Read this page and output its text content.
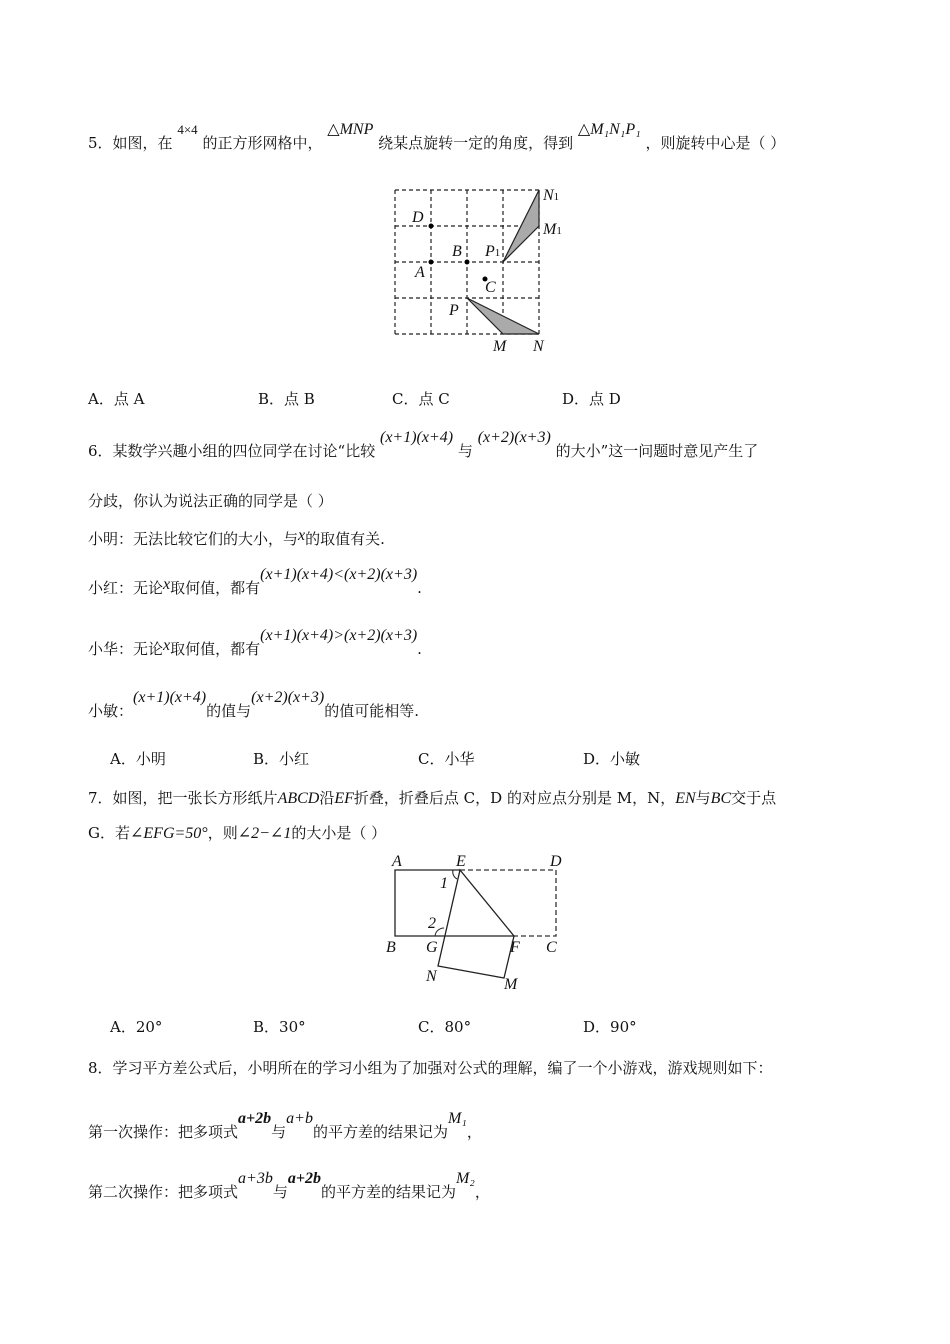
5．如图，在 4×4 的正方形网格中， △MNP 绕某点旋转一定的角度，得到 △M₁N₁P₁ ，则旋转中心是（ ）
N1
M1
P1
D
B
A
C
P
M N
A．点 A	B．点 B	C．点 C	D．点 D
6．某数学兴趣小组的四位同学在讨论“比较 (x+1)(x+4) 与 (x+2)(x+3) 的大小”这一问题时意见产生了
分歧，你认为说法正确的同学是（ ）
小明：无法比较它们的大小，与x的取值有关.
小红：无论x取何值，都有(x+1)(x+4)<(x+2)(x+3).
小华：无论x取何值，都有(x+1)(x+4)>(x+2)(x+3).
小敏：(x+1)(x+4)的值与(x+2)(x+3)的值可能相等.
A．小明	B．小红	C．小华	D．小敏
7．如图，把一张长方形纸片ABCD沿EF折叠，折叠后点 C，D 的对应点分别是 M，N，EN与BC交于点
G．若∠EFG=50°，则∠2−∠1的大小是（ ）
A	E	D
1
2
B G	F C
N	M
A．20°	B．30°	C．80°	D．90°
8．学习平方差公式后，小明所在的学习小组为了加强对公式的理解，编了一个小游戏，游戏规则如下：
第一次操作：把多项式a+2b与a+b的平方差的结果记为M₁，
第二次操作：把多项式a+3b与a+2b的平方差的结果记为M₂，
